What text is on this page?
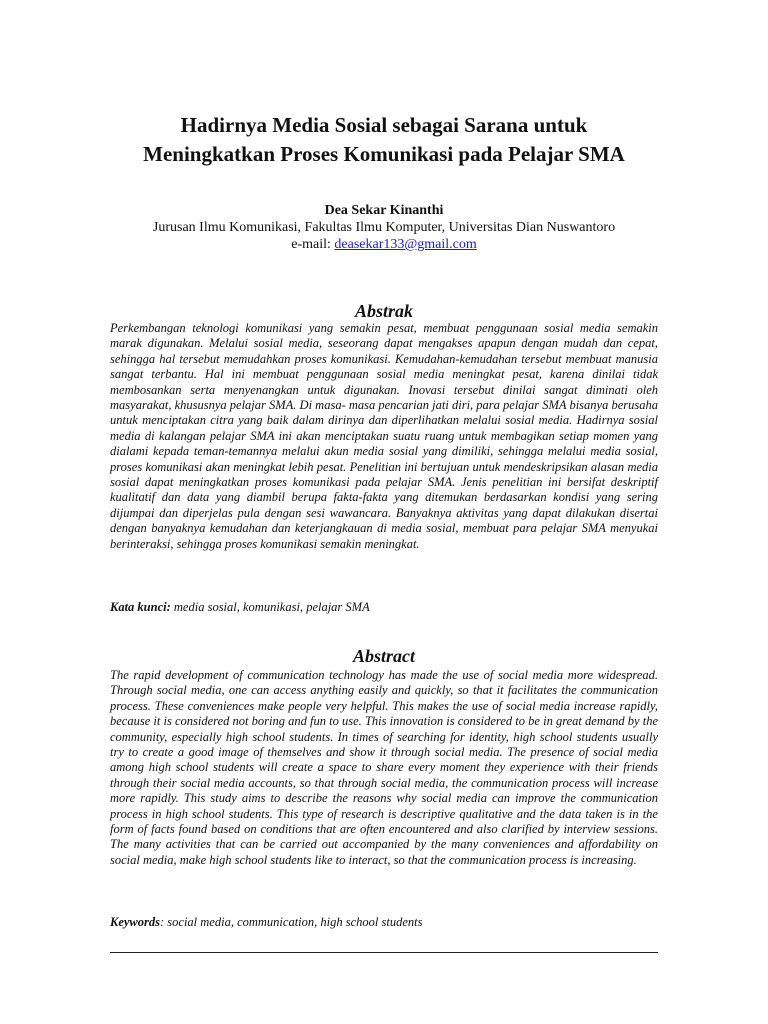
Hadirnya Media Sosial sebagai Sarana untuk
Meningkatkan Proses Komunikasi pada Pelajar SMA
Dea Sekar Kinanthi
Jurusan Ilmu Komunikasi, Fakultas Ilmu Komputer, Universitas Dian Nuswantoro
e-mail: deasekar133@gmail.com
Abstrak

Perkembangan teknologi komunikasi yang semakin pesat, membuat penggunaan sosial media semakin marak digunakan. Melalui sosial media, seseorang dapat mengakses apapun dengan mudah dan cepat, sehingga hal tersebut memudahkan proses komunikasi. Kemudahan-kemudahan tersebut membuat manusia sangat terbantu. Hal ini membuat penggunaan sosial media meningkat pesat, karena dinilai tidak membosankan serta menyenangkan untuk digunakan. Inovasi tersebut dinilai sangat diminati oleh masyarakat, khususnya pelajar SMA. Di masa- masa pencarian jati diri, para pelajar SMA bisanya berusaha untuk menciptakan citra yang baik dalam dirinya dan diperlihatkan melalui sosial media. Hadirnya sosial media di kalangan pelajar SMA ini akan menciptakan suatu ruang untuk membagikan setiap momen yang dialami kepada teman-temannya melalui akun media sosial yang dimiliki, sehingga melalui media sosial, proses komunikasi akan meningkat lebih pesat. Penelitian ini bertujuan untuk mendeskripsikan alasan media sosial dapat meningkatkan proses komunikasi pada pelajar SMA. Jenis penelitian ini bersifat deskriptif kualitatif dan data yang diambil berupa fakta-fakta yang ditemukan berdasarkan kondisi yang sering dijumpai dan diperjelas pula dengan sesi wawancara. Banyaknya aktivitas yang dapat dilakukan disertai dengan banyaknya kemudahan dan keterjangkauan di media sosial, membuat para pelajar SMA menyukai berinteraksi, sehingga proses komunikasi semakin meningkat.

Kata kunci: media sosial, komunikasi, pelajar SMA
Abstract

The rapid development of communication technology has made the use of social media more widespread. Through social media, one can access anything easily and quickly, so that it facilitates the communication process. These conveniences make people very helpful. This makes the use of social media increase rapidly, because it is considered not boring and fun to use. This innovation is considered to be in great demand by the community, especially high school students. In times of searching for identity, high school students usually try to create a good image of themselves and show it through social media. The presence of social media among high school students will create a space to share every moment they experience with their friends through their social media accounts, so that through social media, the communication process will increase more rapidly. This study aims to describe the reasons why social media can improve the communication process in high school students. This type of research is descriptive qualitative and the data taken is in the form of facts found based on conditions that are often encountered and also clarified by interview sessions. The many activities that can be carried out accompanied by the many conveniences and affordability on social media, make high school students like to interact, so that the communication process is increasing.

Keywords: social media, communication, high school students
